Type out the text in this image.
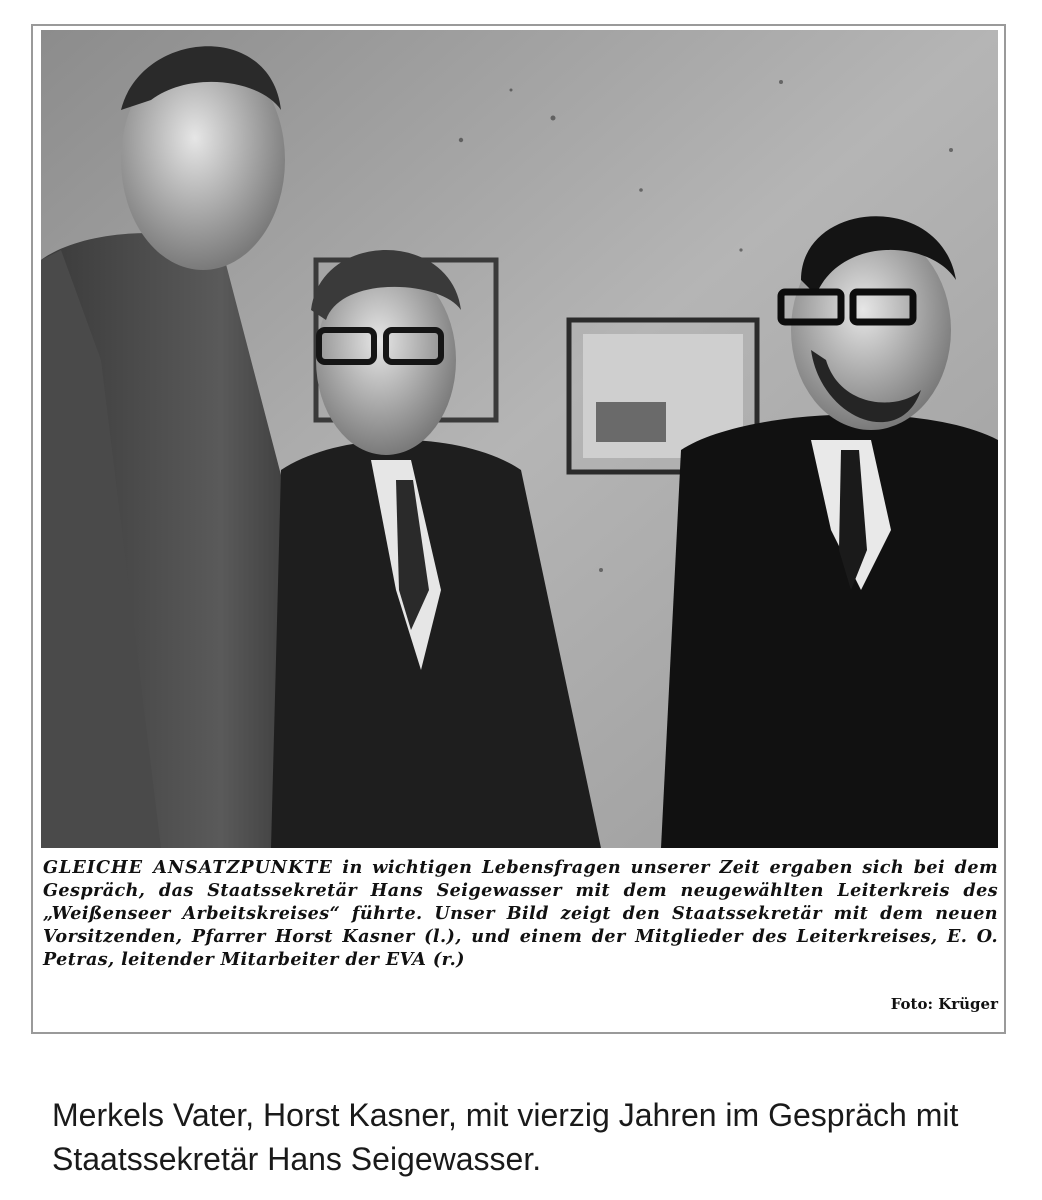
GLEICHE ANSATZPUNKTE in wichtigen Lebensfragen unserer Zeit ergaben sich bei dem Gespräch, das Staatssekretär Hans Seigewasser mit dem neugewählten Leiterkreis des „Weißenseer Arbeitskreises“ führte. Unser Bild zeigt den Staatssekretär mit dem neuen Vorsitzenden, Pfarrer Horst Kasner (l.), und einem der Mitglieder des Leiterkreises, E. O. Petras, leitender Mitarbeiter der EVA (r.)
Foto: Krüger
Merkels Vater, Horst Kasner, mit vierzig Jahren im Gespräch mit Staatssekretär Hans Seigewasser.
